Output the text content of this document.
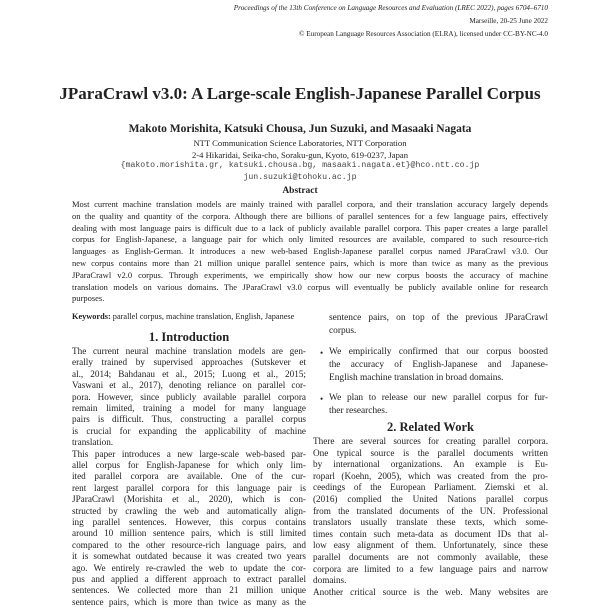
Proceedings of the 13th Conference on Language Resources and Evaluation (LREC 2022), pages 6704–6710
Marseille, 20-25 June 2022
© European Language Resources Association (ELRA), licensed under CC-BY-NC-4.0
JParaCrawl v3.0: A Large-scale English-Japanese Parallel Corpus
Makoto Morishita, Katsuki Chousa, Jun Suzuki, and Masaaki Nagata
NTT Communication Science Laboratories, NTT Corporation
2-4 Hikaridai, Seika-cho, Soraku-gun, Kyoto, 619-0237, Japan
{makoto.morishita.gr, katsuki.chousa.bg, masaaki.nagata.et}@hco.ntt.co.jp
jun.suzuki@tohoku.ac.jp
Abstract
Most current machine translation models are mainly trained with parallel corpora, and their translation accuracy largely depends
on the quality and quantity of the corpora. Although there are billions of parallel sentences for a few language pairs, effectively
dealing with most language pairs is difficult due to a lack of publicly available parallel corpora. This paper creates a large parallel
corpus for English-Japanese, a language pair for which only limited resources are available, compared to such resource-rich
languages as English-German. It introduces a new web-based English-Japanese parallel corpus named JParaCrawl v3.0. Our
new corpus contains more than 21 million unique parallel sentence pairs, which is more than twice as many as the previous
JParaCrawl v2.0 corpus. Through experiments, we empirically show how our new corpus boosts the accuracy of machine
translation models on various domains. The JParaCrawl v3.0 corpus will eventually be publicly available online for research
purposes.
Keywords: parallel corpus, machine translation, English, Japanese
1. Introduction
The current neural machine translation models are gen-
erally trained by supervised approaches (Sutskever et
al., 2014; Bahdanau et al., 2015; Luong et al., 2015;
Vaswani et al., 2017), denoting reliance on parallel cor-
pora. However, since publicly available parallel corpora
remain limited, training a model for many language
pairs is difficult. Thus, constructing a parallel corpus
is crucial for expanding the applicability of machine
translation.
This paper introduces a new large-scale web-based par-
allel corpus for English-Japanese for which only lim-
ited parallel corpora are available. One of the cur-
rent largest parallel corpora for this language pair is
JParaCrawl (Morishita et al., 2020), which is con-
structed by crawling the web and automatically align-
ing parallel sentences. However, this corpus contains
around 10 million sentence pairs, which is still limited
compared to the other resource-rich language pairs, and
it is somewhat outdated because it was created two years
ago. We entirely re-crawled the web to update the cor-
pus and applied a different approach to extract parallel
sentences. We collected more than 21 million unique
sentence pairs, which is more than twice as many as the
sentence pairs, on top of the previous JParaCrawl
corpus.
• We empirically confirmed that our corpus boosted
the accuracy of English-Japanese and Japanese-
English machine translation in broad domains.
• We plan to release our new parallel corpus for fur-
ther researches.
2. Related Work
There are several sources for creating parallel corpora.
One typical source is the parallel documents written
by international organizations. An example is Eu-
roparl (Koehn, 2005), which was created from the pro-
ceedings of the European Parliament. Ziemski et al.
(2016) complied the United Nations parallel corpus
from the translated documents of the UN. Professional
translators usually translate these texts, which some-
times contain such meta-data as document IDs that al-
low easy alignment of them. Unfortunately, since these
parallel documents are not commonly available, these
corpora are limited to a few language pairs and narrow
domains.
Another critical source is the web. Many websites are
